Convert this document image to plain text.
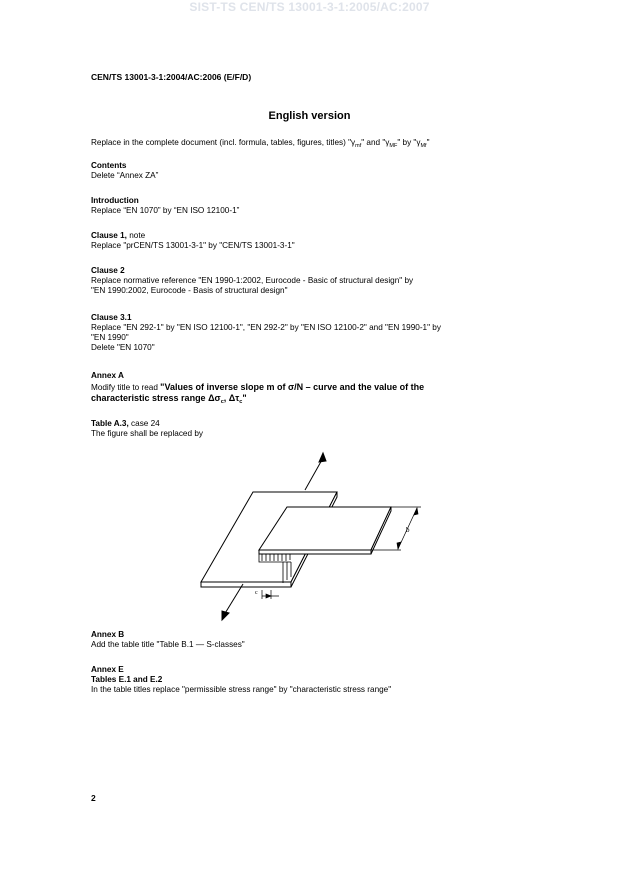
SIST-TS CEN/TS 13001-3-1:2005/AC:2007
CEN/TS 13001-3-1:2004/AC:2006 (E/F/D)
English version
Replace in the complete document (incl. formula, tables, figures, titles) "$\gamma_{mf}$" and "$\gamma_{MF}$" by "$\gamma_{Mf}$"
Contents
Delete “Annex ZA”
Introduction
Replace “EN 1070” by “EN ISO 12100-1”
Clause 1, note
Replace "prCEN/TS 13001-3-1" by "CEN/TS 13001-3-1"
Clause 2
Replace normative reference "EN 1990-1:2002, Eurocode - Basic of structural design" by
"EN 1990:2002, Eurocode - Basis of structural design"
Clause 3.1
Replace "EN 292-1" by "EN ISO 12100-1", "EN 292-2" by "EN ISO 12100-2" and "EN 1990-1" by
"EN 1990"
Delete "EN 1070"
Annex A
Modify title to read "Values of inverse slope m of σ/N – curve and the value of the
characteristic stress range $\Delta\sigma_c$, $\Delta\tau_c$"
Table A.3, case 24
The figure shall be replaced by
b
c
Annex B
Add the table title "Table B.1 — S-classes"
Annex E
Tables E.1 and E.2
In the table titles replace "permissible stress range" by "characteristic stress range"
2
